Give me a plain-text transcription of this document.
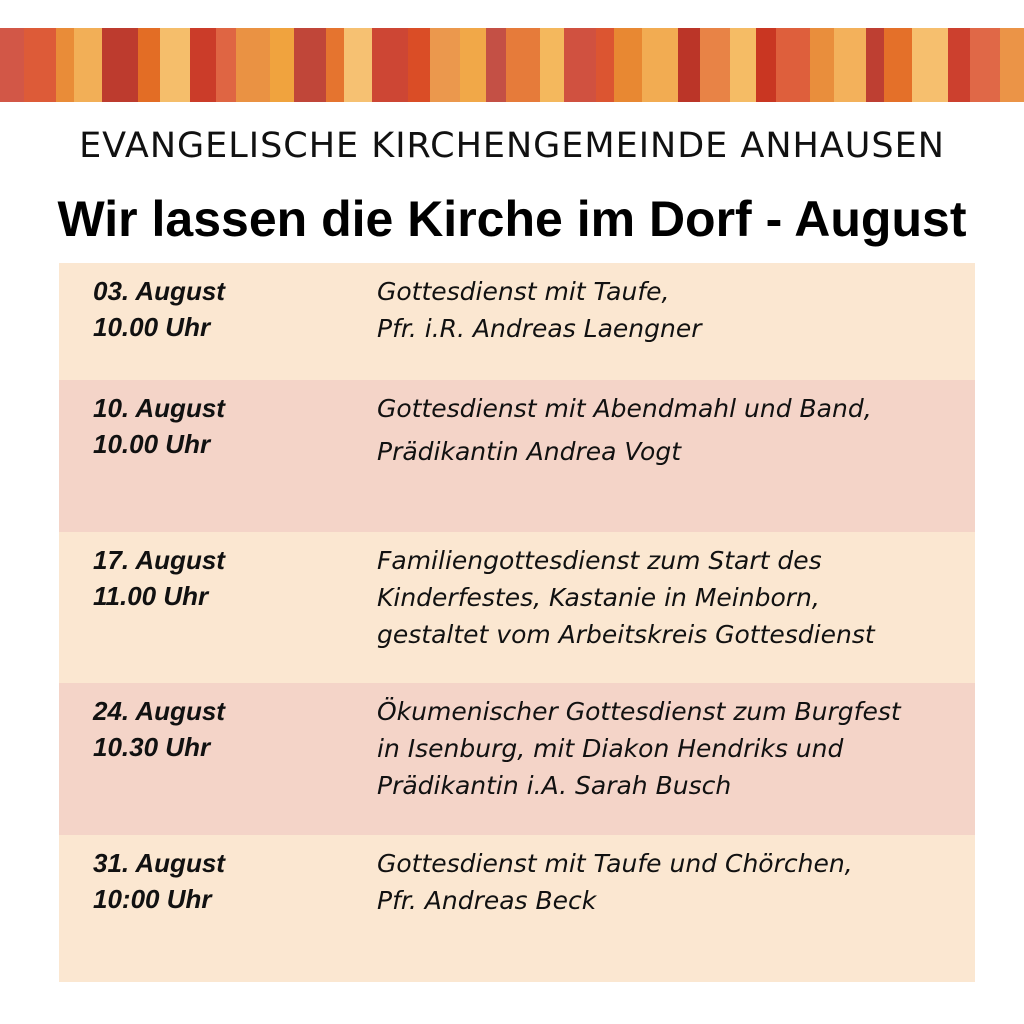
EVANGELISCHE KIRCHENGEMEINDE ANHAUSEN
Wir lassen die Kirche im Dorf - August
03. August
10.00 Uhr
Gottesdienst mit Taufe,
Pfr. i.R. Andreas Laengner
10. August
10.00 Uhr
Gottesdienst mit Abendmahl und Band,
Prädikantin Andrea Vogt
17. August
11.00 Uhr
Familiengottesdienst zum Start des
Kinderfestes, Kastanie in Meinborn,
gestaltet vom Arbeitskreis Gottesdienst
24. August
10.30 Uhr
Ökumenischer Gottesdienst zum Burgfest
in Isenburg, mit Diakon Hendriks und
Prädikantin i.A. Sarah Busch
31. August
10:00 Uhr
Gottesdienst mit Taufe und Chörchen,
Pfr. Andreas Beck
